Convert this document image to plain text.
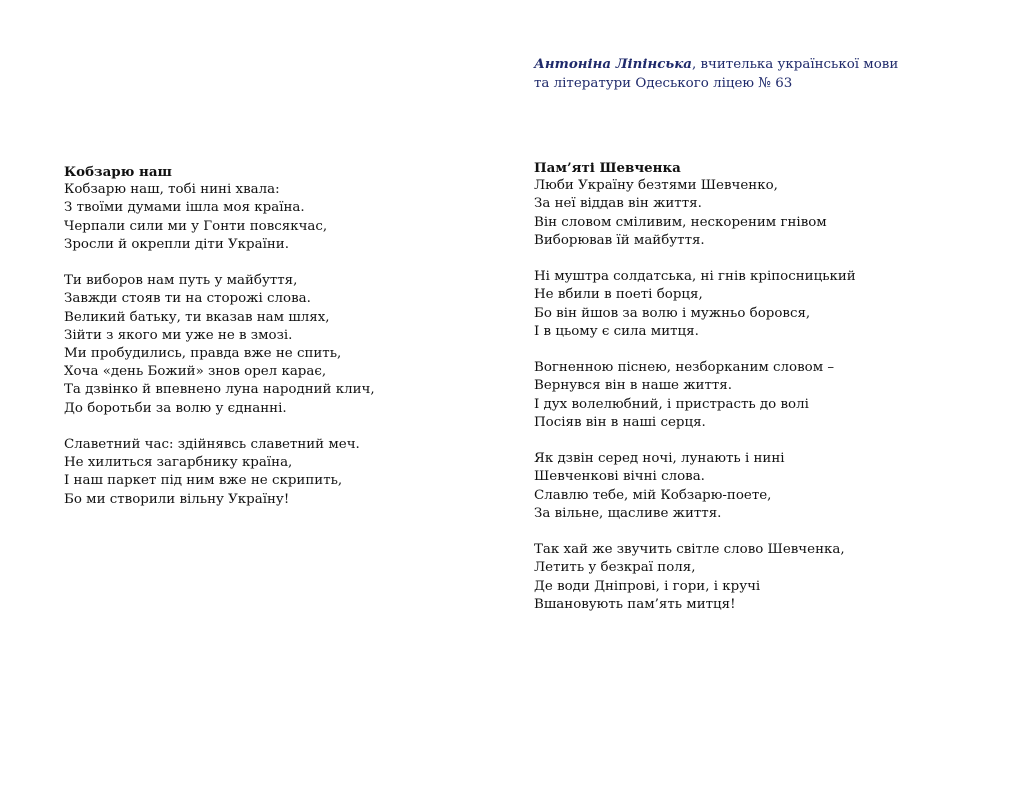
Антоніна Ліпінська, вчителька української мови
та літератури Одеського ліцею № 63
Кобзарю наш
Кобзарю наш, тобі нині хвала:
З твоїми думами ішла моя країна.
Черпали сили ми у Гонти повсякчас,
Зросли й окрепли діти України.
Ти виборов нам путь у майбуття,
Завжди стояв ти на сторожі слова.
Великий батьку, ти вказав нам шлях,
Зійти з якого ми уже не в змозі.
Ми пробудились, правда вже не спить,
Хоча «день Божий» знов орел карає,
Та дзвінко й впевнено луна народний клич,
До боротьби за волю у єднанні.
Славетний час: здійнявсь славетний меч.
Не хилиться загарбнику країна,
І наш паркет під ним вже не скрипить,
Бо ми створили вільну Україну!
Пам’яті Шевченка
Люби Україну безтями Шевченко,
За неї віддав він життя.
Він словом сміливим, нескореним гнівом
Виборював їй майбуття.
Ні муштра солдатська, ні гнів кріпосницький
Не вбили в поеті борця,
Бо він йшов за волю і мужньо боровся,
І в цьому є сила митця.
Вогненною піснею, незборканим словом –
Вернувся він в наше життя.
І дух волелюбний, і пристрасть до волі
Посіяв він в наші серця.
Як дзвін серед ночі, лунають і нині
Шевченкові вічні слова.
Славлю тебе, мій Кобзарю-поете,
За вільне, щасливе життя.
Так хай же звучить світле слово Шевченка,
Летить у безкраї поля,
Де води Дніпрові, і гори, і кручі
Вшановують пам’ять митця!
